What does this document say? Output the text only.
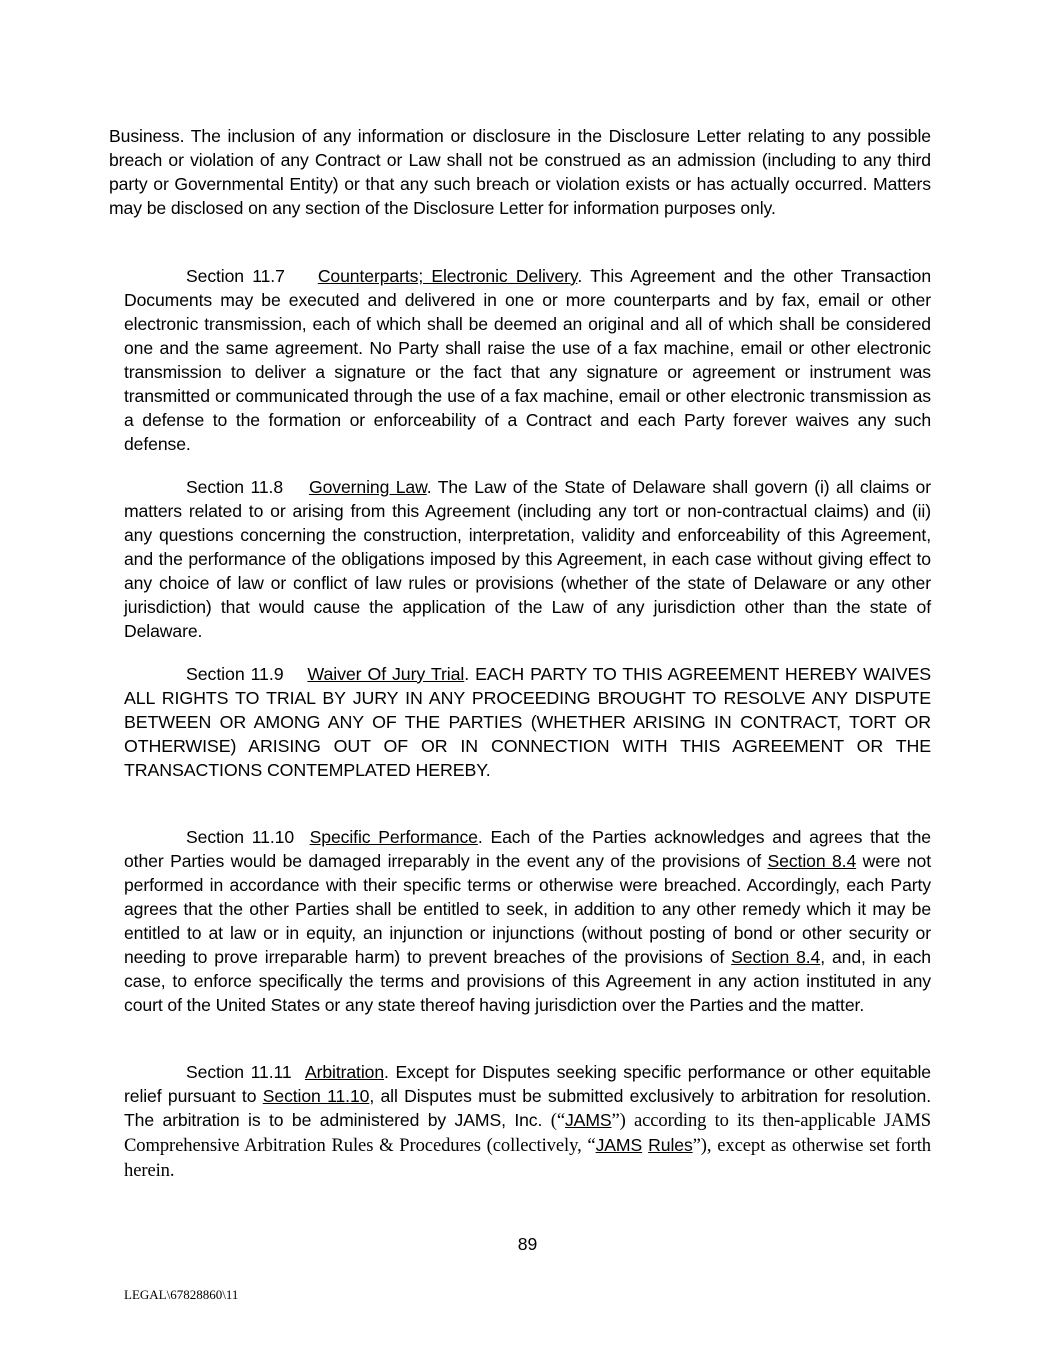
Business. The inclusion of any information or disclosure in the Disclosure Letter relating to any possible breach or violation of any Contract or Law shall not be construed as an admission (including to any third party or Governmental Entity) or that any such breach or violation exists or has actually occurred. Matters may be disclosed on any section of the Disclosure Letter for information purposes only.

Section 11.7 Counterparts; Electronic Delivery. This Agreement and the other Transaction Documents may be executed and delivered in one or more counterparts and by fax, email or other electronic transmission, each of which shall be deemed an original and all of which shall be considered one and the same agreement. No Party shall raise the use of a fax machine, email or other electronic transmission to deliver a signature or the fact that any signature or agreement or instrument was transmitted or communicated through the use of a fax machine, email or other electronic transmission as a defense to the formation or enforceability of a Contract and each Party forever waives any such defense.

Section 11.8 Governing Law. The Law of the State of Delaware shall govern (i) all claims or matters related to or arising from this Agreement (including any tort or non-contractual claims) and (ii) any questions concerning the construction, interpretation, validity and enforceability of this Agreement, and the performance of the obligations imposed by this Agreement, in each case without giving effect to any choice of law or conflict of law rules or provisions (whether of the state of Delaware or any other jurisdiction) that would cause the application of the Law of any jurisdiction other than the state of Delaware.

Section 11.9 Waiver Of Jury Trial. EACH PARTY TO THIS AGREEMENT HEREBY WAIVES ALL RIGHTS TO TRIAL BY JURY IN ANY PROCEEDING BROUGHT TO RESOLVE ANY DISPUTE BETWEEN OR AMONG ANY OF THE PARTIES (WHETHER ARISING IN CONTRACT, TORT OR OTHERWISE) ARISING OUT OF OR IN CONNECTION WITH THIS AGREEMENT OR THE TRANSACTIONS CONTEMPLATED HEREBY.

Section 11.10 Specific Performance. Each of the Parties acknowledges and agrees that the other Parties would be damaged irreparably in the event any of the provisions of Section 8.4 were not performed in accordance with their specific terms or otherwise were breached. Accordingly, each Party agrees that the other Parties shall be entitled to seek, in addition to any other remedy which it may be entitled to at law or in equity, an injunction or injunctions (without posting of bond or other security or needing to prove irreparable harm) to prevent breaches of the provisions of Section 8.4, and, in each case, to enforce specifically the terms and provisions of this Agreement in any action instituted in any court of the United States or any state thereof having jurisdiction over the Parties and the matter.

Section 11.11 Arbitration. Except for Disputes seeking specific performance or other equitable relief pursuant to Section 11.10, all Disputes must be submitted exclusively to arbitration for resolution. The arbitration is to be administered by JAMS, Inc. (“JAMS”) according to its then-applicable JAMS Comprehensive Arbitration Rules & Procedures (collectively, “JAMS Rules”), except as otherwise set forth herein.

89
LEGAL\67828860\11
